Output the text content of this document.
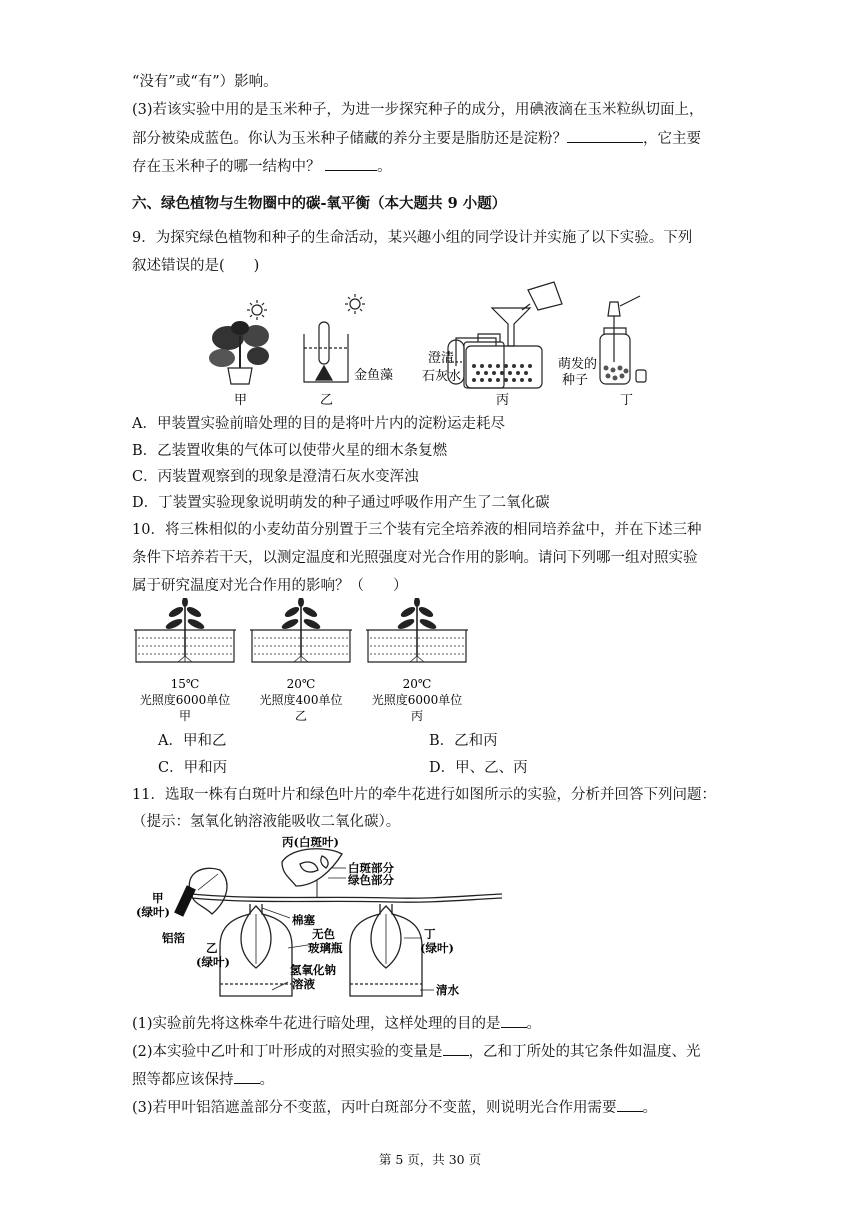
“没有”或“有”）影响。
(3)若该实验中用的是玉米种子，为进一步探究种子的成分，用碘液滴在玉米粒纵切面上，
部分被染成蓝色。你认为玉米种子储藏的养分主要是脂肪还是淀粉？	，它主要
存在玉米种子的哪一结构中？	。
六、绿色植物与生物圈中的碳-氧平衡（本大题共 9 小题）
9．为探究绿色植物和种子的生命活动，某兴趣小组的同学设计并实施了以下实验。下列
叙述错误的是(　　)
甲
金鱼藻
乙
澄清
石灰水
丙
萌发的
种子
丁
A．甲装置实验前暗处理的目的是将叶片内的淀粉运走耗尽
B．乙装置收集的气体可以使带火星的细木条复燃
C．丙装置观察到的现象是澄清石灰水变浑浊
D．丁装置实验现象说明萌发的种子通过呼吸作用产生了二氧化碳
10．将三株相似的小麦幼苗分别置于三个装有完全培养液的相同培养盆中，并在下述三种
条件下培养若干天，以测定温度和光照强度对光合作用的影响。请问下列哪一组对照实验
属于研究温度对光合作用的影响？（　　）
15℃
光照度6000单位
甲
20℃
光照度400单位
乙
20℃
光照度6000单位
丙
A．甲和乙	B．乙和丙
C．甲和丙	D．甲、乙、丙
11．选取一株有白斑叶片和绿色叶片的牵牛花进行如图所示的实验，分析并回答下列问题：
（提示：氢氧化钠溶液能吸收二氧化碳）。
丙(白斑叶)
白斑部分
绿色部分
甲
(绿叶)
铝箔
棉塞
乙
(绿叶)
无色
玻璃瓶
丁
(绿叶)
氢氧化钠
溶液	清水
(1)实验前先将这株牵牛花进行暗处理，这样处理的目的是 。
(2)本实验中乙叶和丁叶形成的对照实验的变量是 ，乙和丁所处的其它条件如温度、光
照等都应该保持 。
(3)若甲叶铝箔遮盖部分不变蓝，丙叶白斑部分不变蓝，则说明光合作用需要 。
第 5 页，共 30 页
